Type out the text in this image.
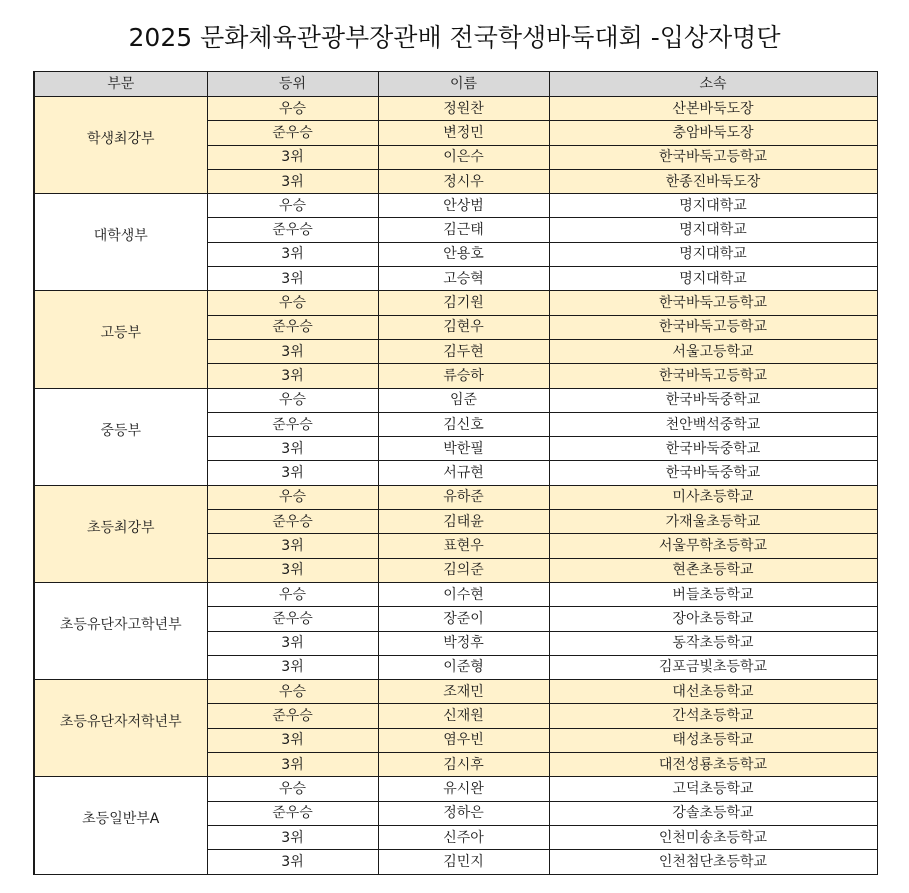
2025 문화체육관광부장관배 전국학생바둑대회 -입상자명단
부문	등위	이름	소속
학생최강부	우승	정원찬	산본바둑도장
	준우승	변정민	충암바둑도장
	3위	이은수	한국바둑고등학교
	3위	정시우	한종진바둑도장
대학생부	우승	안상범	명지대학교
	준우승	김근태	명지대학교
	3위	안용호	명지대학교
	3위	고승혁	명지대학교
고등부	우승	김기원	한국바둑고등학교
	준우승	김현우	한국바둑고등학교
	3위	김두현	서울고등학교
	3위	류승하	한국바둑고등학교
중등부	우승	임준	한국바둑중학교
	준우승	김신호	천안백석중학교
	3위	박한필	한국바둑중학교
	3위	서규현	한국바둑중학교
초등최강부	우승	유하준	미사초등학교
	준우승	김태윤	가재울초등학교
	3위	표현우	서울무학초등학교
	3위	김의준	현촌초등학교
초등유단자고학년부	우승	이수현	버들초등학교
	준우승	장준이	장아초등학교
	3위	박정후	동작초등학교
	3위	이준형	김포금빛초등학교
초등유단자저학년부	우승	조재민	대선초등학교
	준우승	신재원	간석초등학교
	3위	염우빈	태성초등학교
	3위	김시후	대전성룡초등학교
초등일반부A	우승	유시완	고덕초등학교
	준우승	정하은	강솔초등학교
	3위	신주아	인천미송초등학교
	3위	김민지	인천첨단초등학교
